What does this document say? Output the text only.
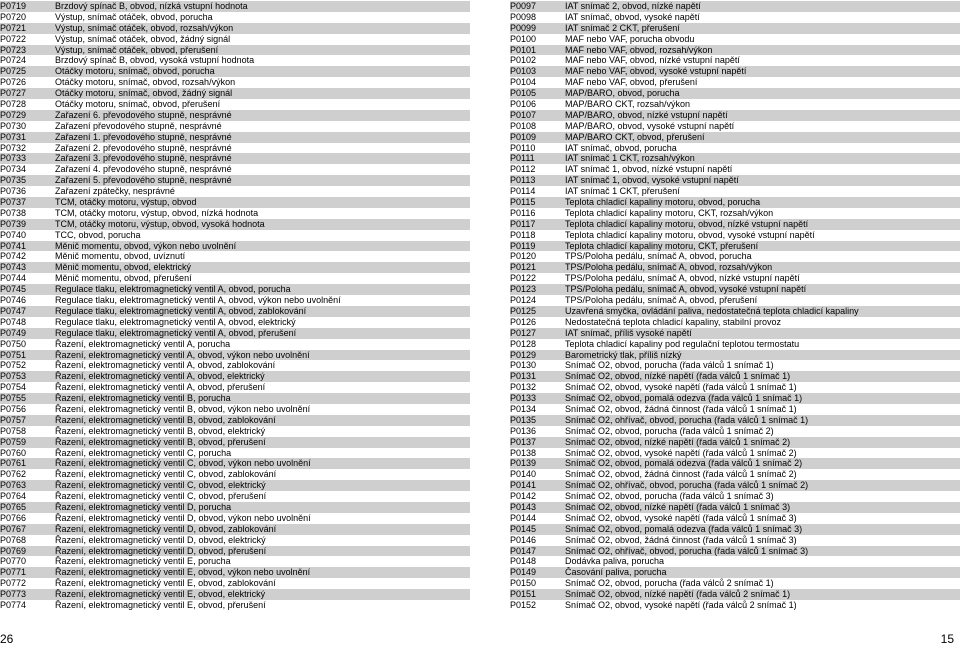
P0719	Brzdový spínač B, obvod, nízká vstupní hodnota
P0720	Výstup, snímač otáček, obvod, porucha
P0721	Výstup, snímač otáček, obvod, rozsah/výkon
P0722	Výstup, snímač otáček, obvod, žádný signál
P0723	Výstup, snímač otáček, obvod, přerušení
P0724	Brzdový spínač B, obvod, vysoká vstupní hodnota
P0725	Otáčky motoru, snímač, obvod, porucha
P0726	Otáčky motoru, snímač, obvod, rozsah/výkon
P0727	Otáčky motoru, snímač, obvod, žádný signál
P0728	Otáčky motoru, snímač, obvod, přerušení
P0729	Zařazení 6. převodového stupně, nesprávné
P0730	Zařazení převodového stupně, nesprávné
P0731	Zařazení 1. převodového stupně, nesprávné
P0732	Zařazení 2. převodového stupně, nesprávné
P0733	Zařazení 3. převodového stupně, nesprávné
P0734	Zařazení 4. převodového stupně, nesprávné
P0735	Zařazení 5. převodového stupně, nesprávné
P0736	Zařazení zpátečky, nesprávné
P0737	TCM, otáčky motoru, výstup, obvod
P0738	TCM, otáčky motoru, výstup, obvod, nízká hodnota
P0739	TCM, otáčky motoru, výstup, obvod, vysoká hodnota
P0740	TCC, obvod, porucha
P0741	Měnič momentu, obvod, výkon nebo uvolnění
P0742	Měnič momentu, obvod, uvíznutí
P0743	Měnič momentu, obvod, elektrický
P0744	Měnič momentu, obvod, přerušení
P0745	Regulace tlaku, elektromagnetický ventil A, obvod, porucha
P0746	Regulace tlaku, elektromagnetický ventil A, obvod, výkon nebo uvolnění
P0747	Regulace tlaku, elektromagnetický ventil A, obvod, zablokování
P0748	Regulace tlaku, elektromagnetický ventil A, obvod, elektrický
P0749	Regulace tlaku, elektromagnetický ventil A, obvod, přerušení
P0750	Řazení, elektromagnetický ventil A, porucha
P0751	Řazení, elektromagnetický ventil A, obvod, výkon nebo uvolnění
P0752	Řazení, elektromagnetický ventil A, obvod, zablokování
P0753	Řazení, elektromagnetický ventil A, obvod, elektrický
P0754	Řazení, elektromagnetický ventil A, obvod, přerušení
P0755	Řazení, elektromagnetický ventil B, porucha
P0756	Řazení, elektromagnetický ventil B, obvod, výkon nebo uvolnění
P0757	Řazení, elektromagnetický ventil B, obvod, zablokování
P0758	Řazení, elektromagnetický ventil B, obvod, elektrický
P0759	Řazení, elektromagnetický ventil B, obvod, přerušení
P0760	Řazení, elektromagnetický ventil C, porucha
P0761	Řazení, elektromagnetický ventil C, obvod, výkon nebo uvolnění
P0762	Řazení, elektromagnetický ventil C, obvod, zablokování
P0763	Řazení, elektromagnetický ventil C, obvod, elektrický
P0764	Řazení, elektromagnetický ventil C, obvod, přerušení
P0765	Řazení, elektromagnetický ventil D, porucha
P0766	Řazení, elektromagnetický ventil D, obvod, výkon nebo uvolnění
P0767	Řazení, elektromagnetický ventil D, obvod, zablokování
P0768	Řazení, elektromagnetický ventil D, obvod, elektrický
P0769	Řazení, elektromagnetický ventil D, obvod, přerušení
P0770	Řazení, elektromagnetický ventil E, porucha
P0771	Řazení, elektromagnetický ventil E, obvod, výkon nebo uvolnění
P0772	Řazení, elektromagnetický ventil E, obvod, zablokování
P0773	Řazení, elektromagnetický ventil E, obvod, elektrický
P0774	Řazení, elektromagnetický ventil E, obvod, přerušení
P0097	IAT snímač 2, obvod, nízké napětí
P0098	IAT snímač, obvod, vysoké napětí
P0099	IAT snímač 2 CKT, přerušení
P0100	MAF nebo VAF, porucha obvodu
P0101	MAF nebo VAF, obvod, rozsah/výkon
P0102	MAF nebo VAF, obvod, nízké vstupní napětí
P0103	MAF nebo VAF, obvod, vysoké vstupní napětí
P0104	MAF nebo VAF, obvod, přerušení
P0105	MAP/BARO, obvod, porucha
P0106	MAP/BARO CKT, rozsah/výkon
P0107	MAP/BARO, obvod, nízké vstupní napětí
P0108	MAP/BARO, obvod, vysoké vstupní napětí
P0109	MAP/BARO CKT, obvod, přerušení
P0110	IAT snímač, obvod, porucha
P0111	IAT snímač 1 CKT, rozsah/výkon
P0112	IAT snímač 1, obvod, nízké vstupní napětí
P0113	IAT snímač 1, obvod, vysoké vstupní napětí
P0114	IAT snímač 1 CKT, přerušení
P0115	Teplota chladicí kapaliny motoru, obvod, porucha
P0116	Teplota chladicí kapaliny motoru, CKT, rozsah/výkon
P0117	Teplota chladicí kapaliny motoru, obvod, nízké vstupní napětí
P0118	Teplota chladicí kapaliny motoru, obvod, vysoké vstupní napětí
P0119	Teplota chladicí kapaliny motoru, CKT, přerušení
P0120	TPS/Poloha pedálu, snímač A, obvod, porucha
P0121	TPS/Poloha pedálu, snímač A, obvod, rozsah/výkon
P0122	TPS/Poloha pedálu, snímač A, obvod, nízké vstupní napětí
P0123	TPS/Poloha pedálu, snímač A, obvod, vysoké vstupní napětí
P0124	TPS/Poloha pedálu, snímač A, obvod, přerušení
P0125	Uzavřená smyčka, ovládání paliva, nedostatečná teplota chladicí kapaliny
P0126	Nedostatečná teplota chladicí kapaliny, stabilní provoz
P0127	IAT snímač, příliš vysoké napětí
P0128	Teplota chladicí kapaliny pod regulační teplotou termostatu
P0129	Barometrický tlak, příliš nízký
P0130	Snímač O2, obvod, porucha (řada válců 1 snímač 1)
P0131	Snímač O2, obvod, nízké napětí (řada válců 1 snímač 1)
P0132	Snímač O2, obvod, vysoké napětí (řada válců 1 snímač 1)
P0133	Snímač O2, obvod, pomalá odezva (řada válců 1 snímač 1)
P0134	Snímač O2, obvod, žádná činnost (řada válců 1 snímač 1)
P0135	Snímač O2, ohřívač, obvod, porucha (řada válců 1 snímač 1)
P0136	Snímač O2, obvod, porucha (řada válců 1 snímač 2)
P0137	Snímač O2, obvod, nízké napětí (řada válců 1 snímač 2)
P0138	Snímač O2, obvod, vysoké napětí (řada válců 1 snímač 2)
P0139	Snímač O2, obvod, pomalá odezva (řada válců 1 snímač 2)
P0140	Snímač O2, obvod, žádná činnost (řada válců 1 snímač 2)
P0141	Snímač O2, ohřívač, obvod, porucha (řada válců 1 snímač 2)
P0142	Snímač O2, obvod, porucha (řada válců 1 snímač 3)
P0143	Snímač O2, obvod, nízké napětí (řada válců 1 snímač 3)
P0144	Snímač O2, obvod, vysoké napětí (řada válců 1 snímač 3)
P0145	Snímač O2, obvod, pomalá odezva (řada válců 1 snímač 3)
P0146	Snímač O2, obvod, žádná činnost (řada válců 1 snímač 3)
P0147	Snímač O2, ohřívač, obvod, porucha (řada válců 1 snímač 3)
P0148	Dodávka paliva, porucha
P0149	Časování paliva, porucha
P0150	Snímač O2, obvod, porucha (řada válců 2 snímač 1)
P0151	Snímač O2, obvod, nízké napětí (řada válců 2 snímač 1)
P0152	Snímač O2, obvod, vysoké napětí (řada válců 2 snímač 1)
26	15
